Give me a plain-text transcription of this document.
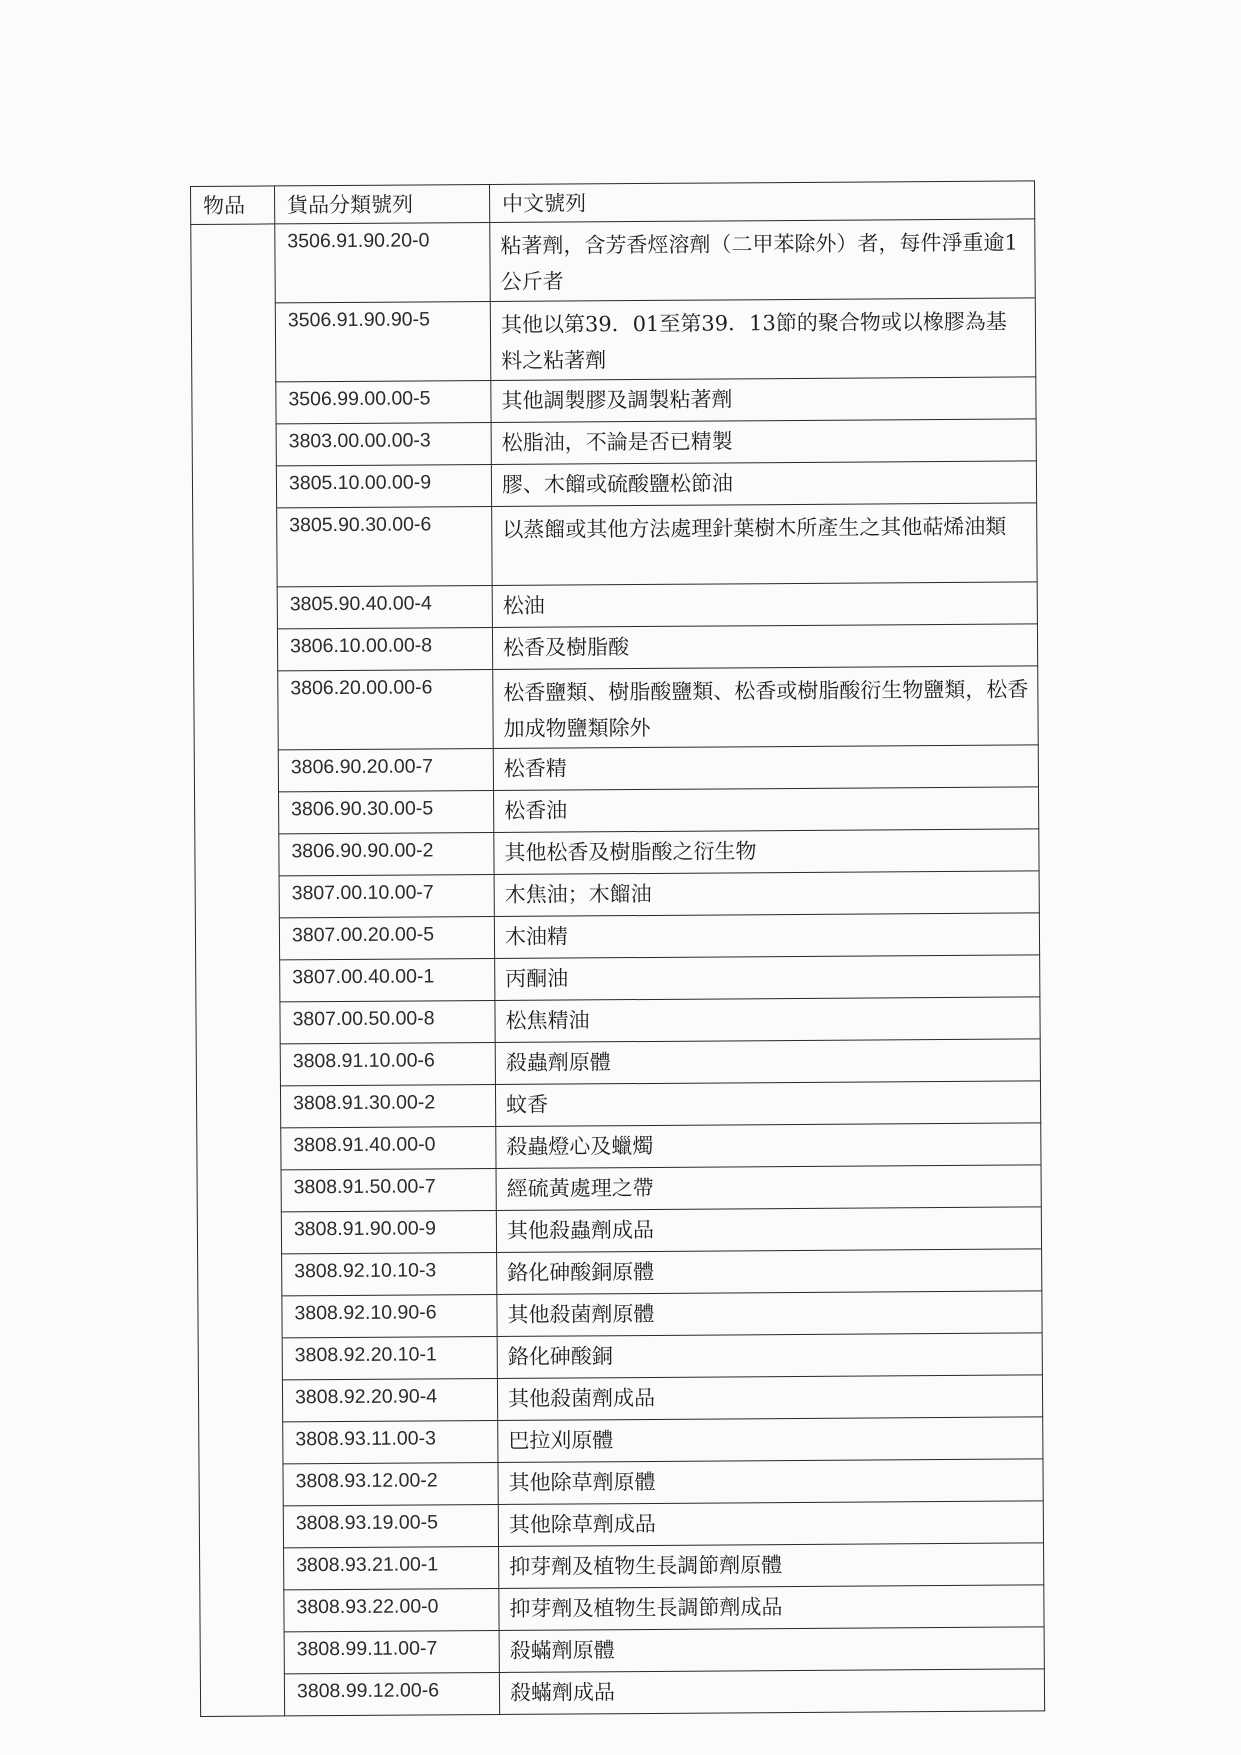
物品	貨品分類號列	中文號列
	3506.91.90.20-0	粘著劑，含芳香烴溶劑（二甲苯除外）者，每件淨重逾1公斤者
	3506.91.90.90-5	其他以第39．01至第39．13節的聚合物或以橡膠為基料之粘著劑
	3506.99.00.00-5	其他調製膠及調製粘著劑
	3803.00.00.00-3	松脂油，不論是否已精製
	3805.10.00.00-9	膠、木餾或硫酸鹽松節油
	3805.90.30.00-6	以蒸餾或其他方法處理針葉樹木所產生之其他萜烯油類
	3805.90.40.00-4	松油
	3806.10.00.00-8	松香及樹脂酸
	3806.20.00.00-6	松香鹽類、樹脂酸鹽類、松香或樹脂酸衍生物鹽類，松香加成物鹽類除外
	3806.90.20.00-7	松香精
	3806.90.30.00-5	松香油
	3806.90.90.00-2	其他松香及樹脂酸之衍生物
	3807.00.10.00-7	木焦油；木餾油
	3807.00.20.00-5	木油精
	3807.00.40.00-1	丙酮油
	3807.00.50.00-8	松焦精油
	3808.91.10.00-6	殺蟲劑原體
	3808.91.30.00-2	蚊香
	3808.91.40.00-0	殺蟲燈心及蠟燭
	3808.91.50.00-7	經硫黃處理之帶
	3808.91.90.00-9	其他殺蟲劑成品
	3808.92.10.10-3	鉻化砷酸銅原體
	3808.92.10.90-6	其他殺菌劑原體
	3808.92.20.10-1	鉻化砷酸銅
	3808.92.20.90-4	其他殺菌劑成品
	3808.93.11.00-3	巴拉刈原體
	3808.93.12.00-2	其他除草劑原體
	3808.93.19.00-5	其他除草劑成品
	3808.93.21.00-1	抑芽劑及植物生長調節劑原體
	3808.93.22.00-0	抑芽劑及植物生長調節劑成品
	3808.99.11.00-7	殺蟎劑原體
	3808.99.12.00-6	殺蟎劑成品
